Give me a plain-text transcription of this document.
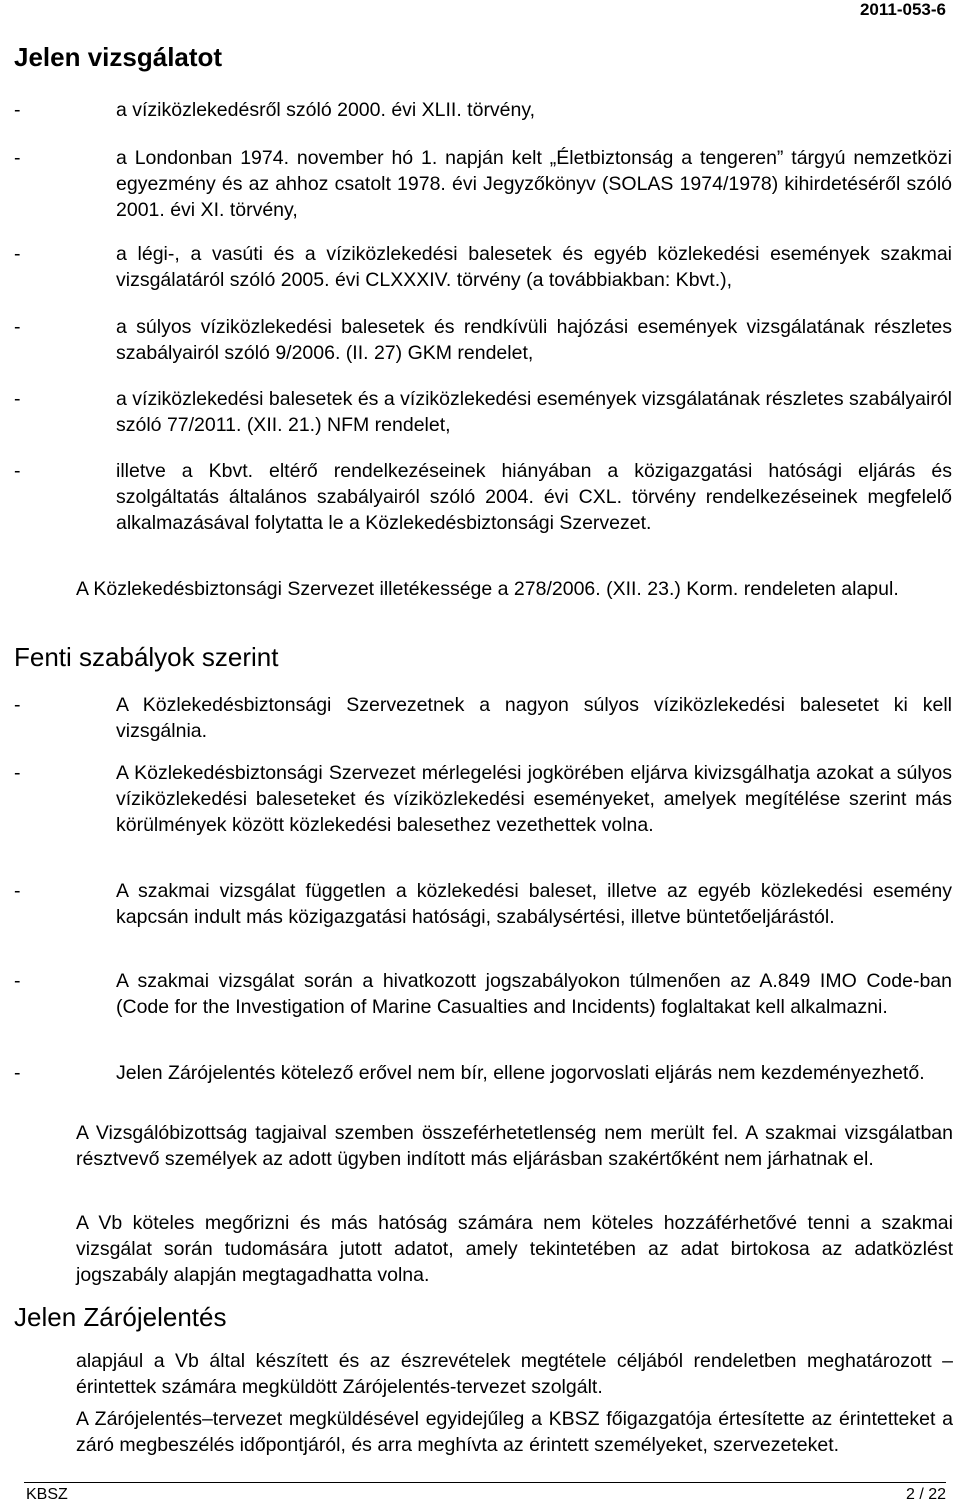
2011-053-6
Jelen vizsgálatot
-	a víziközlekedésről szóló 2000. évi XLII. törvény,
-	a Londonban 1974. november hó 1. napján kelt „Életbiztonság a tengeren” tárgyú nemzetközi egyezmény és az ahhoz csatolt 1978. évi Jegyzőkönyv (SOLAS 1974/1978) kihirdetéséről szóló 2001. évi XI. törvény,
-	a légi-, a vasúti és a víziközlekedési balesetek és egyéb közlekedési események szakmai vizsgálatáról szóló 2005. évi CLXXXIV. törvény (a továbbiakban: Kbvt.),
-	a súlyos víziközlekedési balesetek és rendkívüli hajózási események vizsgálatának részletes szabályairól szóló 9/2006. (II. 27) GKM rendelet,
-	a víziközlekedési balesetek és a víziközlekedési események vizsgálatának részletes szabályairól szóló 77/2011. (XII. 21.) NFM rendelet,
-	illetve a Kbvt. eltérő rendelkezéseinek hiányában a közigazgatási hatósági eljárás és szolgáltatás általános szabályairól szóló 2004. évi CXL. törvény rendelkezéseinek megfelelő alkalmazásával folytatta le a Közlekedésbiztonsági Szervezet.

A Közlekedésbiztonsági Szervezet illetékessége a 278/2006. (XII. 23.) Korm. rendeleten alapul.

Fenti szabályok szerint
-	A Közlekedésbiztonsági Szervezetnek a nagyon súlyos víziközlekedési balesetet ki kell vizsgálnia.
-	A Közlekedésbiztonsági Szervezet mérlegelési jogkörében eljárva kivizsgálhatja azokat a súlyos víziközlekedési baleseteket és víziközlekedési eseményeket, amelyek megítélése szerint más körülmények között közlekedési balesethez vezethettek volna.
-	A szakmai vizsgálat független a közlekedési baleset, illetve az egyéb közlekedési esemény kapcsán indult más közigazgatási hatósági, szabálysértési, illetve büntetőeljárástól.
-	A szakmai vizsgálat során a hivatkozott jogszabályokon túlmenően az A.849 IMO Code-ban (Code for the Investigation of Marine Casualties and Incidents) foglaltakat kell alkalmazni.
-	Jelen Zárójelentés kötelező erővel nem bír, ellene jogorvoslati eljárás nem kezdeményezhető.

A Vizsgálóbizottság tagjaival szemben összeférhetetlenség nem merült fel. A szakmai vizsgálatban résztvevő személyek az adott ügyben indított más eljárásban szakértőként nem járhatnak el.

A Vb köteles megőrizni és más hatóság számára nem köteles hozzáférhetővé tenni a szakmai vizsgálat során tudomására jutott adatot, amely tekintetében az adat birtokosa az adatközlést jogszabály alapján megtagadhatta volna.

Jelen Zárójelentés

alapjául a Vb által készített és az észrevételek megtétele céljából rendeletben meghatározott – érintettek számára megküldött Zárójelentés-tervezet szolgált.

A Zárójelentés–tervezet megküldésével egyidejűleg a KBSZ főigazgatója értesítette az érintetteket a záró megbeszélés időpontjáról, és arra meghívta az érintett személyeket, szervezeteket.

KBSZ	2 / 22
